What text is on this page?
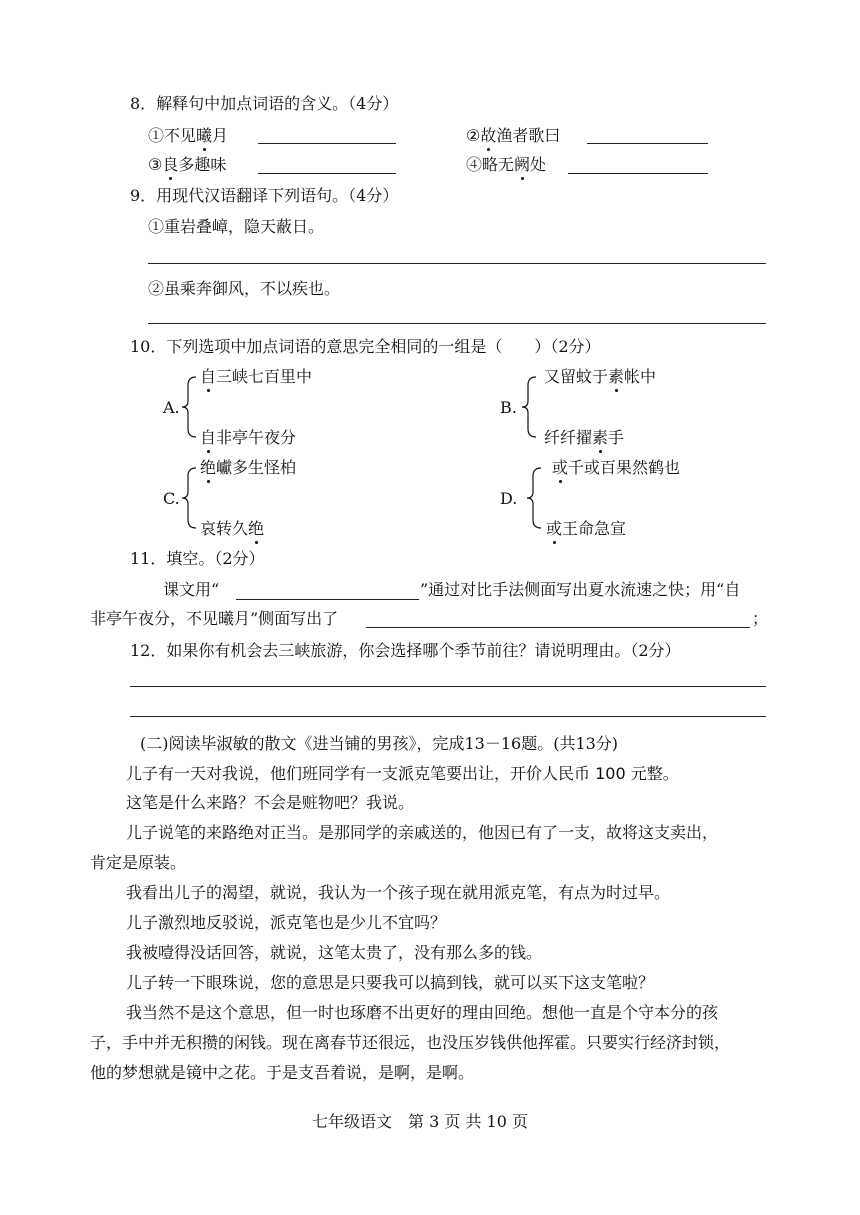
8．解释句中加点词语的含义。（4分）
①不见曦月	②故渔者歌曰
③良多趣味	④略无阙处
9．用现代汉语翻译下列语句。（4分）
①重岩叠嶂，隐天蔽日。
②虽乘奔御风，不以疾也。
10．下列选项中加点词语的意思完全相同的一组是（　　）（2分）
A.
自三峡七百里中
自非亭午夜分
B.
又留蚊于素帐中
纤纤擢素手
C.
绝巘多生怪柏
哀转久绝
D.
或千或百果然鹤也
或王命急宣
11．填空。（2分）
课文用“	”通过对比手法侧面写出夏水流速之快；用“自
非亭午夜分，不见曦月”侧面写出了	；
12．如果你有机会去三峡旅游，你会选择哪个季节前往？请说明理由。（2分）
(二)阅读毕淑敏的散文《进当铺的男孩》，完成13－16题。(共13分)
儿子有一天对我说，他们班同学有一支派克笔要出让，开价人民币 100 元整。
这笔是什么来路？不会是赃物吧？我说。
儿子说笔的来路绝对正当。是那同学的亲戚送的，他因已有了一支，故将这支卖出，
肯定是原装。
我看出儿子的渴望，就说，我认为一个孩子现在就用派克笔，有点为时过早。
儿子激烈地反驳说，派克笔也是少儿不宜吗？
我被噎得没话回答，就说，这笔太贵了，没有那么多的钱。
儿子转一下眼珠说，您的意思是只要我可以搞到钱，就可以买下这支笔啦？
我当然不是这个意思，但一时也琢磨不出更好的理由回绝。想他一直是个守本分的孩
子，手中并无积攒的闲钱。现在离春节还很远，也没压岁钱供他挥霍。只要实行经济封锁，
他的梦想就是镜中之花。于是支吾着说，是啊，是啊。
七年级语文　第 3 页 共 10 页
